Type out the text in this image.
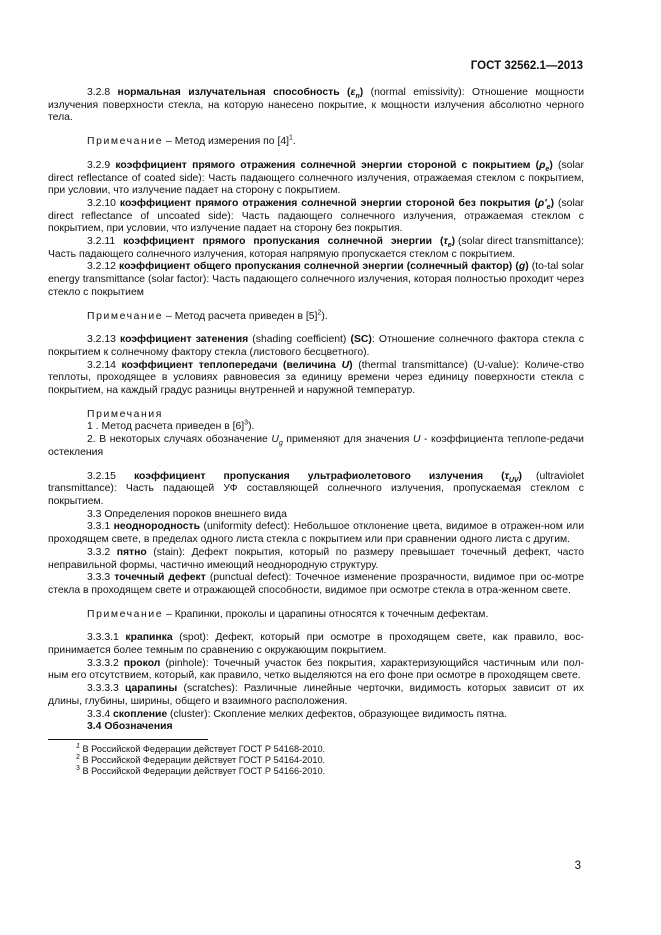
ГОСТ 32562.1—2013

3.2.8 нормальная излучательная способность $(\varepsilon_n)$ (normal emissivity): Отношение мощности излучения поверхности стекла, на которую нанесено покрытие, к мощности излучения абсолютно черного тела.

Примечание – Метод измерения по $[4]^1$.

3.2.9 коэффициент прямого отражения солнечной энергии стороной с покрытием $(\rho_e)$ (solar direct reflectance of coated side): Часть падающего солнечного излучения, отражаемая стеклом с покрытием, при условии, что излучение падает на сторону с покрытием.

3.2.10 коэффициент прямого отражения солнечной энергии стороной без покрытия $(\rho'_e)$ (solar direct reflectance of uncoated side): Часть падающего солнечного излучения, отражаемая стеклом с покрытием, при условии, что излучение падает на сторону без покрытия.

3.2.11 коэффициент прямого пропускания солнечной энергии $(\tau_e)$ (solar direct transmittance): Часть падающего солнечного излучения, которая напрямую пропускается стеклом с покрытием.

3.2.12 коэффициент общего пропускания солнечной энергии (солнечный фактор) (g) (to-tal solar energy transmittance (solar factor): Часть падающего солнечного излучения, которая полностью проходит через стекло с покрытием

Примечание – Метод расчета приведен в $[5]^2$).

3.2.13 коэффициент затенения (shading coefficient) (SC): Отношение солнечного фактора стекла с покрытием к солнечному фактору стекла (листового бесцветного).

3.2.14 коэффициент теплопередачи (величина U) (thermal transmittance) (U-value): Количе-ство теплоты, проходящее в условиях равновесия за единицу времени через единицу поверхности стекла с покрытием, на каждый градус разницы внутренней и наружной температур.

Примечания

1 . Метод расчета приведен в $[6]^3$).

2. В некоторых случаях обозначение $U_g$ применяют для значения U - коэффициента теплопе-редачи остекления

3.2.15 коэффициент пропускания ультрафиолетового излучения $(\tau_{UV})$ (ultraviolet transmittance): Часть падающей УФ составляющей солнечного излучения, пропускаемая стеклом с покрытием.

3.3 Определения пороков внешнего вида

3.3.1 неоднородность (uniformity defect): Небольшое отклонение цвета, видимое в отражен-ном или проходящем свете, в пределах одного листа стекла с покрытием или при сравнении одного листа с другим.

3.3.2 пятно (stain): Дефект покрытия, который по размеру превышает точечный дефект, часто неправильной формы, частично имеющий неоднородную структуру.

3.3.3 точечный дефект (punctual defect): Точечное изменение прозрачности, видимое при ос-мотре стекла в проходящем свете и отражающей способности, видимое при осмотре стекла в отра-женном свете.

Примечание – Крапинки, проколы и царапины относятся к точечным дефектам.

3.3.3.1 крапинка (spot): Дефект, который при осмотре в проходящем свете, как правило, вос-принимается более темным по сравнению с окружающим покрытием.

3.3.3.2 прокол (pinhole): Точечный участок без покрытия, характеризующийся частичным или пол-ным его отсутствием, который, как правило, четко выделяются на его фоне при осмотре в проходящем свете.

3.3.3.3 царапины (scratches): Различные линейные черточки, видимость которых зависит от их длины, глубины, ширины, общего и взаимного расположения.

3.3.4 скопление (cluster): Скопление мелких дефектов, образующее видимость пятна.

3.4 Обозначения

$^1$ В Российской Федерации действует ГОСТ Р 54168-2010.

$^2$ В Российской Федерации действует ГОСТ Р 54164-2010.

$^3$ В Российской Федерации действует ГОСТ Р 54166-2010.

3
